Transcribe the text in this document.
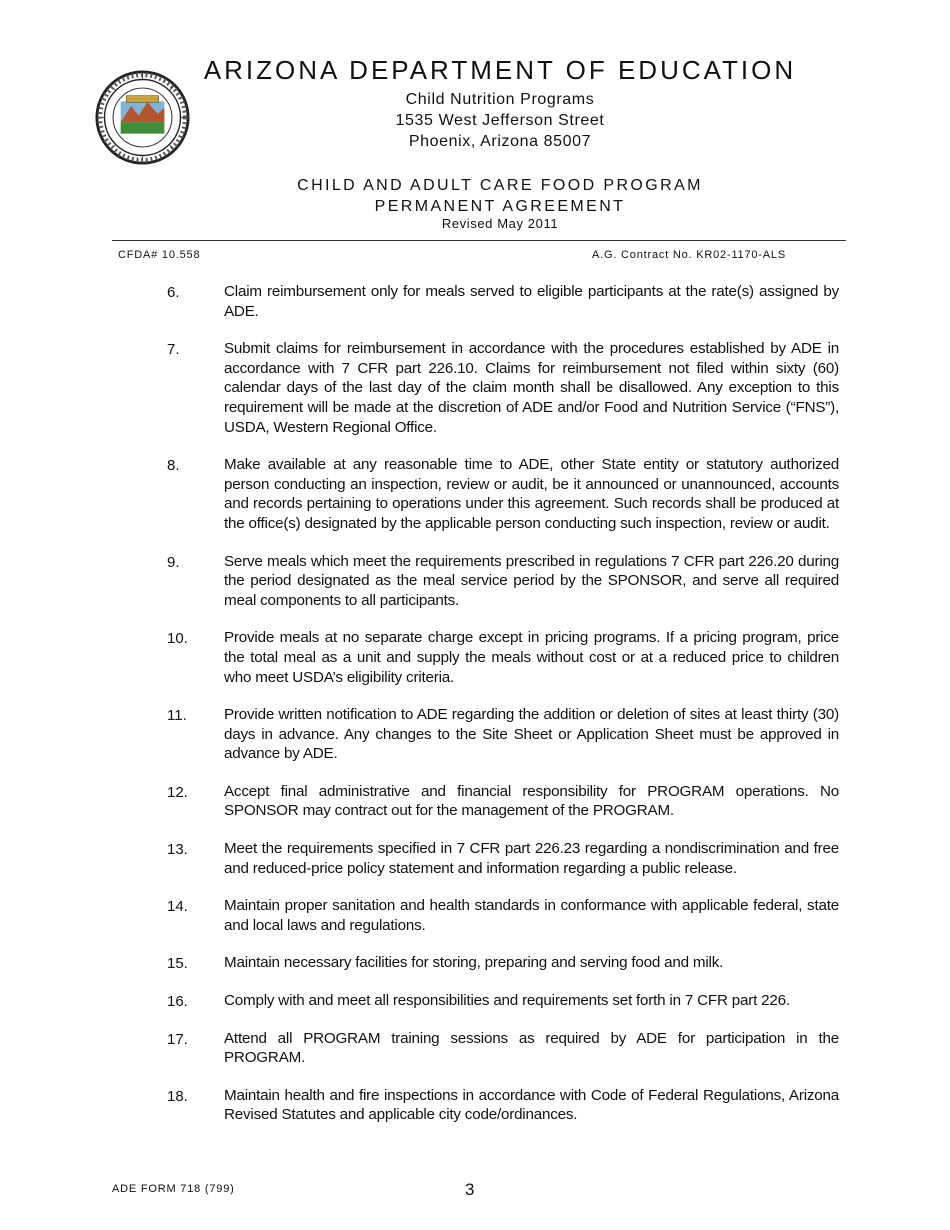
ARIZONA DEPARTMENT OF EDUCATION
Child Nutrition Programs
1535 West Jefferson Street
Phoenix, Arizona 85007
CHILD AND ADULT CARE FOOD PROGRAM
PERMANENT AGREEMENT
Revised May 2011
CFDA# 10.558	A.G. Contract No. KR02-1170-ALS
6.	Claim reimbursement only for meals served to eligible participants at the rate(s) assigned by ADE.
7.	Submit claims for reimbursement in accordance with the procedures established by ADE in accordance with 7 CFR part 226.10. Claims for reimbursement not filed within sixty (60) calendar days of the last day of the claim month shall be disallowed. Any exception to this requirement will be made at the discretion of ADE and/or Food and Nutrition Service (“FNS”), USDA, Western Regional Office.
8.	Make available at any reasonable time to ADE, other State entity or statutory authorized person conducting an inspection, review or audit, be it announced or unannounced, accounts and records pertaining to operations under this agreement. Such records shall be produced at the office(s) designated by the applicable person conducting such inspection, review or audit.
9.	Serve meals which meet the requirements prescribed in regulations 7 CFR part 226.20 during the period designated as the meal service period by the SPONSOR, and serve all required meal components to all participants.
10. Provide meals at no separate charge except in pricing programs. If a pricing program, price the total meal as a unit and supply the meals without cost or at a reduced price to children who meet USDA’s eligibility criteria.
11. Provide written notification to ADE regarding the addition or deletion of sites at least thirty (30) days in advance. Any changes to the Site Sheet or Application Sheet must be approved in advance by ADE.
12. Accept final administrative and financial responsibility for PROGRAM operations. No SPONSOR may contract out for the management of the PROGRAM.
13. Meet the requirements specified in 7 CFR part 226.23 regarding a nondiscrimination and free and reduced-price policy statement and information regarding a public release.
14. Maintain proper sanitation and health standards in conformance with applicable federal, state and local laws and regulations.
15. Maintain necessary facilities for storing, preparing and serving food and milk.
16. Comply with and meet all responsibilities and requirements set forth in 7 CFR part 226.
17. Attend all PROGRAM training sessions as required by ADE for participation in the PROGRAM.
18. Maintain health and fire inspections in accordance with Code of Federal Regulations, Arizona Revised Statutes and applicable city code/ordinances.
ADE FORM 718 (799)	3
